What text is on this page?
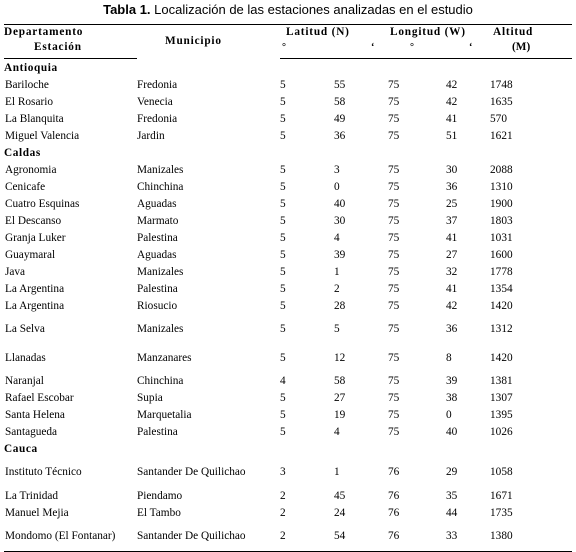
Tabla 1. Localización de las estaciones analizadas en el estudio
Departamento	Municipio	Latitud (N)		Longitud (W)		Altitud
Estación		°	‘	°	‘	(M)
Antioquia						
Bariloche	Fredonia	5	55	75	42	1748
El Rosario	Venecia	5	58	75	42	1635
La Blanquita	Fredonia	5	49	75	41	570
Miguel Valencia	Jardin	5	36	75	51	1621
Caldas						
Agronomia	Manizales	5	3	75	30	2088
Cenicafe	Chinchina	5	0	75	36	1310
Cuatro Esquinas	Aguadas	5	40	75	25	1900
El Descanso	Marmato	5	30	75	37	1803
Granja Luker	Palestina	5	4	75	41	1031
Guaymaral	Aguadas	5	39	75	27	1600
Java	Manizales	5	1	75	32	1778
La Argentina	Palestina	5	2	75	41	1354
La Argentina	Riosucio	5	28	75	42	1420
La Selva	Manizales	5	5	75	36	1312
Llanadas	Manzanares	5	12	75	8	1420
Naranjal	Chinchina	4	58	75	39	1381
Rafael Escobar	Supia	5	27	75	38	1307
Santa Helena	Marquetalia	5	19	75	0	1395
Santagueda	Palestina	5	4	75	40	1026
Cauca						
Instituto Técnico	Santander De Quilichao	3	1	76	29	1058
La Trinidad	Piendamo	2	45	76	35	1671
Manuel Mejia	El Tambo	2	24	76	44	1735
Mondomo (El Fontanar)	Santander De Quilichao	2	54	76	33	1380
